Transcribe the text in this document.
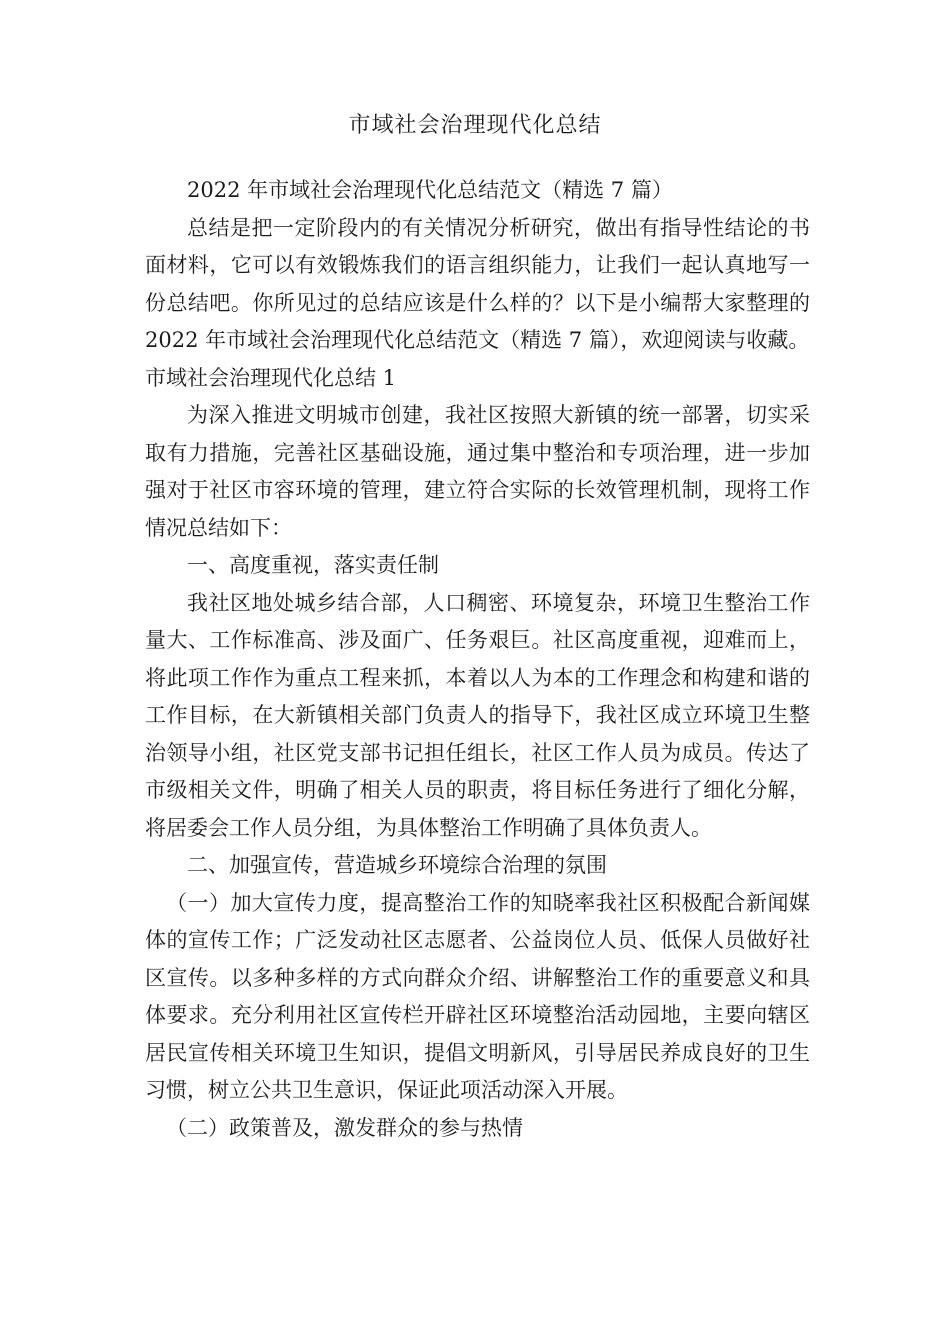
市域社会治理现代化总结

2022 年市域社会治理现代化总结范文（精选 7 篇）

总结是把一定阶段内的有关情况分析研究，做出有指导性结论的书面材料，它可以有效锻炼我们的语言组织能力，让我们一起认真地写一份总结吧。你所见过的总结应该是什么样的？以下是小编帮大家整理的2022 年市域社会治理现代化总结范文（精选 7 篇），欢迎阅读与收藏。

市域社会治理现代化总结 1

为深入推进文明城市创建，我社区按照大新镇的统一部署，切实采取有力措施，完善社区基础设施，通过集中整治和专项治理，进一步加强对于社区市容环境的管理，建立符合实际的长效管理机制，现将工作情况总结如下：

一、高度重视，落实责任制

我社区地处城乡结合部，人口稠密、环境复杂，环境卫生整治工作量大、工作标准高、涉及面广、任务艰巨。社区高度重视，迎难而上，将此项工作作为重点工程来抓，本着以人为本的工作理念和构建和谐的工作目标，在大新镇相关部门负责人的指导下，我社区成立环境卫生整治领导小组，社区党支部书记担任组长，社区工作人员为成员。传达了市级相关文件，明确了相关人员的职责，将目标任务进行了细化分解，将居委会工作人员分组，为具体整治工作明确了具体负责人。

二、加强宣传，营造城乡环境综合治理的氛围

（一）加大宣传力度，提高整治工作的知晓率我社区积极配合新闻媒体的宣传工作；广泛发动社区志愿者、公益岗位人员、低保人员做好社区宣传。以多种多样的方式向群众介绍、讲解整治工作的重要意义和具体要求。充分利用社区宣传栏开辟社区环境整治活动园地，主要向辖区居民宣传相关环境卫生知识，提倡文明新风，引导居民养成良好的卫生习惯，树立公共卫生意识，保证此项活动深入开展。

（二）政策普及，激发群众的参与热情
